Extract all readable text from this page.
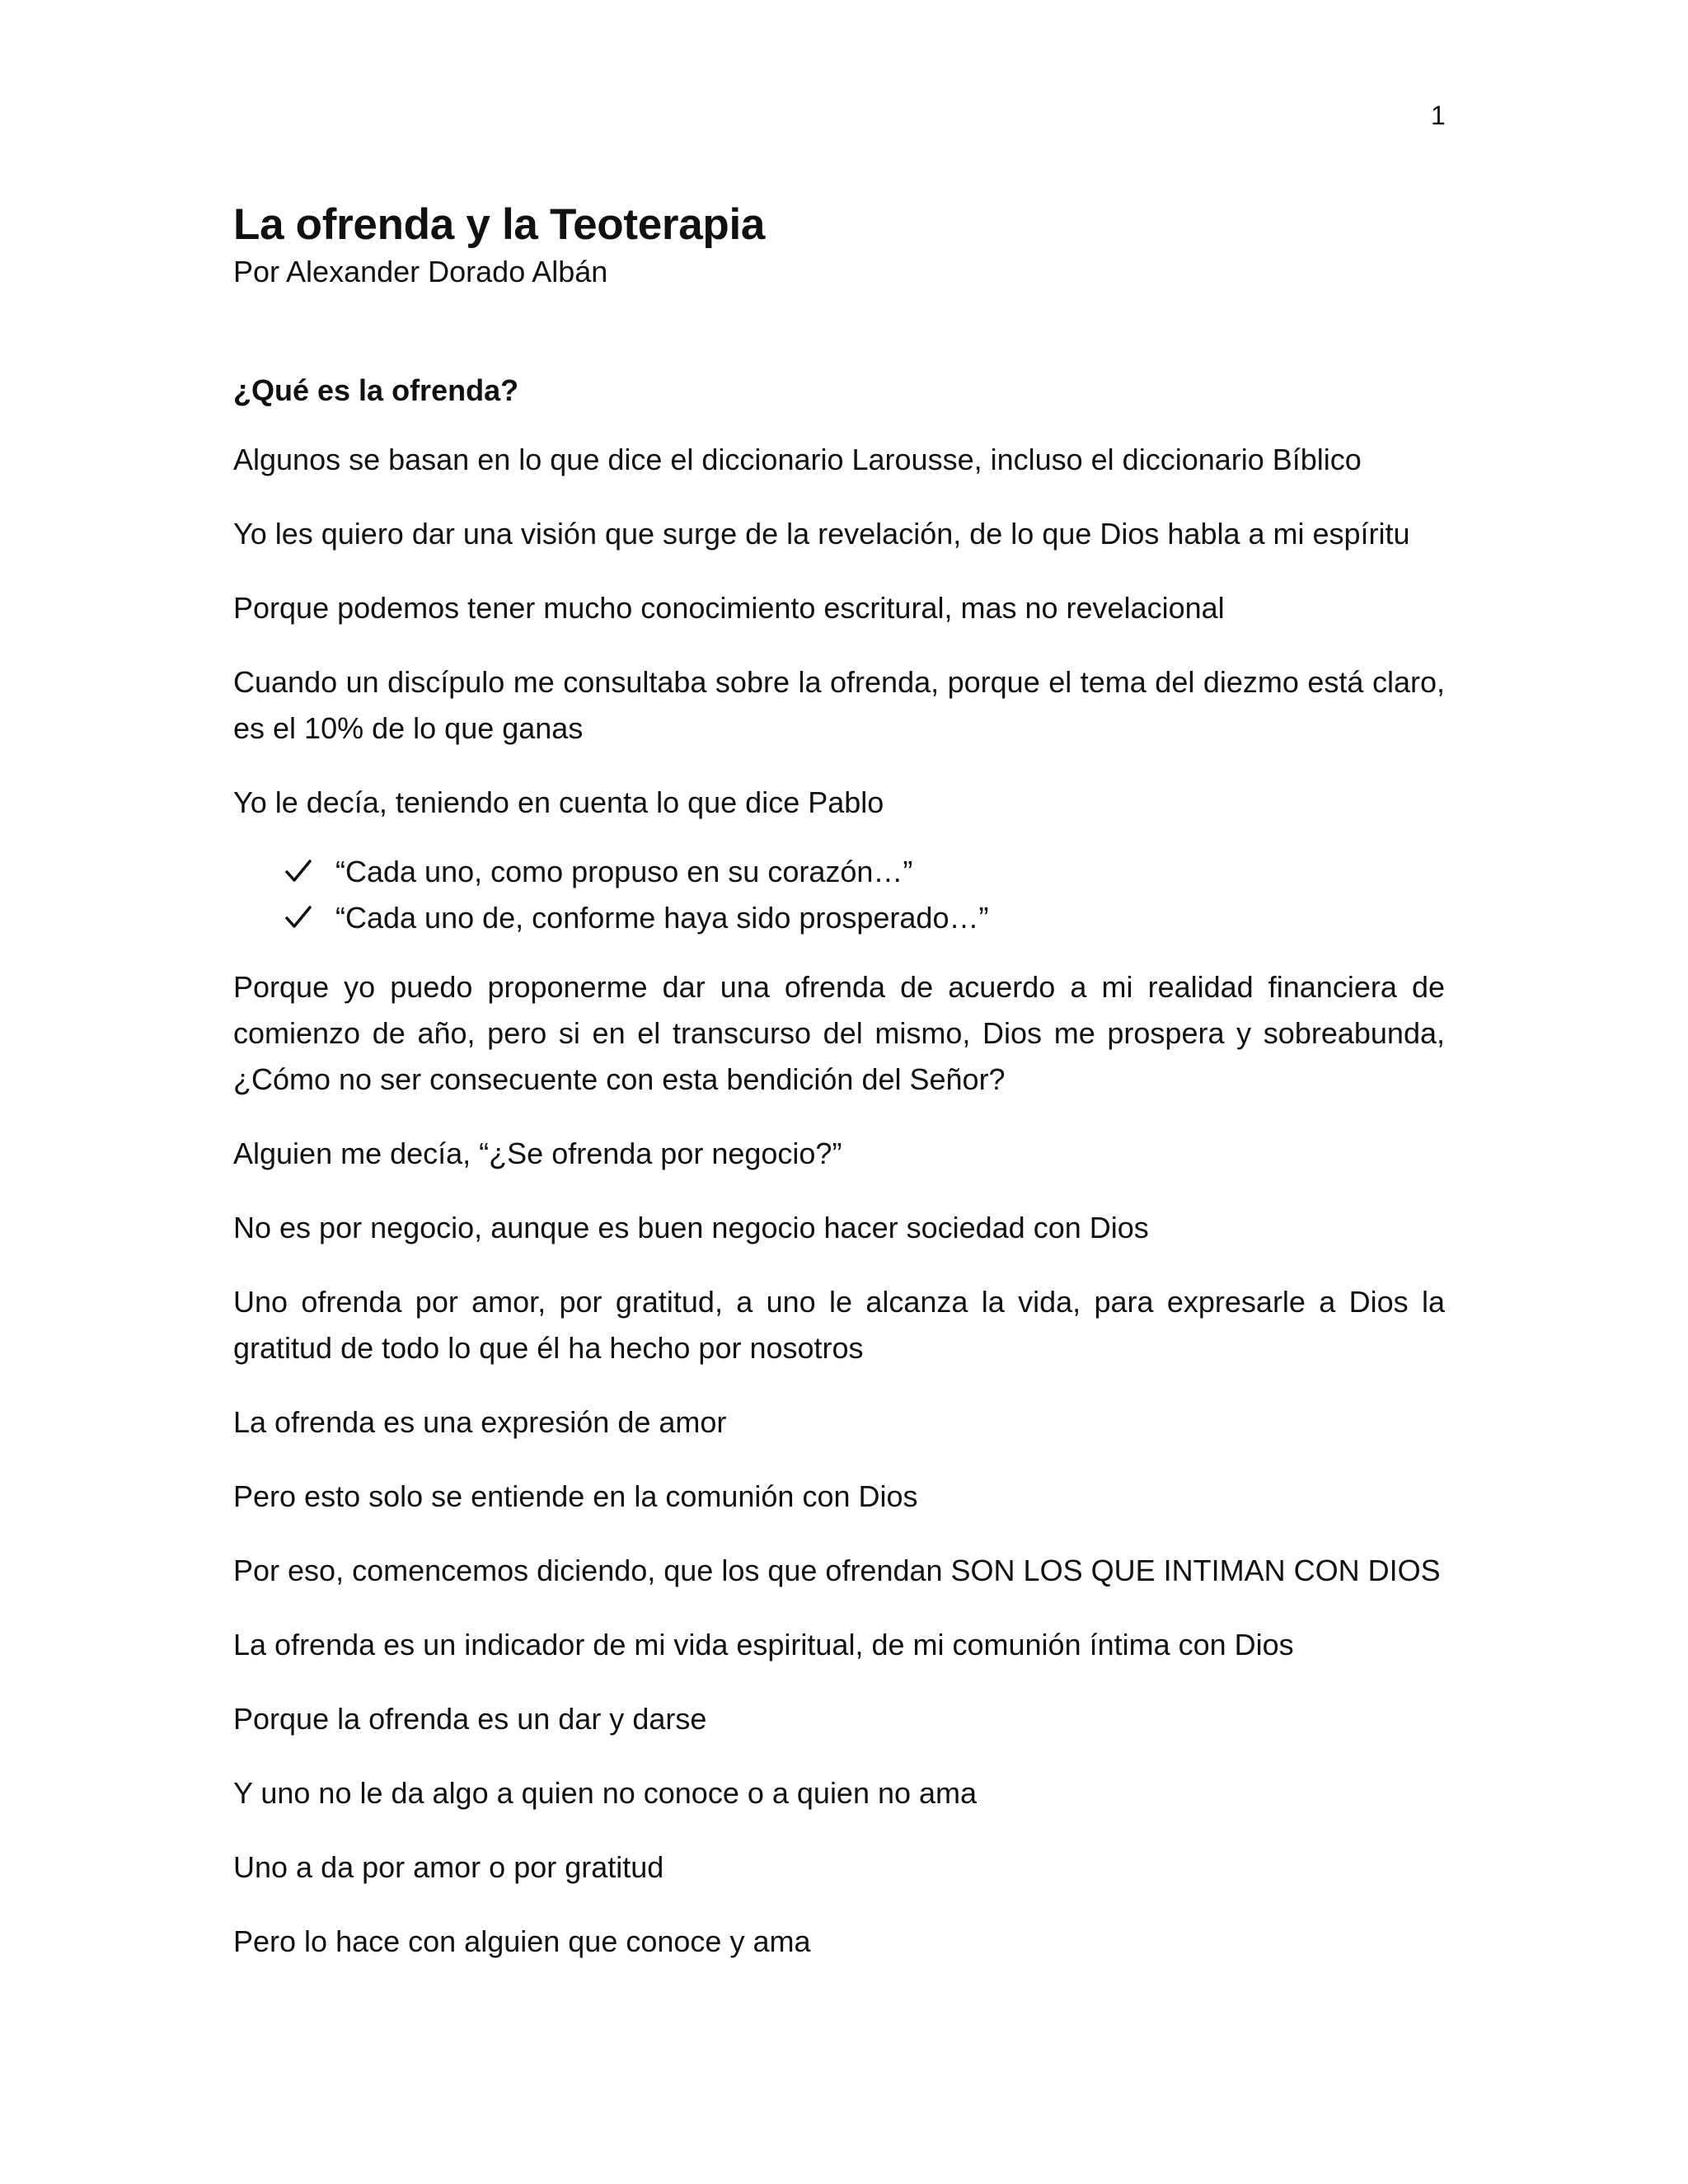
1
La ofrenda y la Teoterapia

Por Alexander Dorado Albán

¿Qué es la ofrenda?

Algunos se basan en lo que dice el diccionario Larousse, incluso el diccionario Bíblico

Yo les quiero dar una visión que surge de la revelación, de lo que Dios habla a mi espíritu

Porque podemos tener mucho conocimiento escritural, mas no revelacional

Cuando un discípulo me consultaba sobre la ofrenda, porque el tema del diezmo está claro, es el 10% de lo que ganas

Yo le decía, teniendo en cuenta lo que dice Pablo

“Cada uno, como propuso en su corazón…”
“Cada uno de, conforme haya sido prosperado…”

Porque yo puedo proponerme dar una ofrenda de acuerdo a mi realidad financiera de comienzo de año, pero si en el transcurso del mismo, Dios me prospera y sobreabunda, ¿Cómo no ser consecuente con esta bendición del Señor?

Alguien me decía, “¿Se ofrenda por negocio?”

No es por negocio, aunque es buen negocio hacer sociedad con Dios

Uno ofrenda por amor, por gratitud, a uno le alcanza la vida, para expresarle a Dios la gratitud de todo lo que él ha hecho por nosotros

La ofrenda es una expresión de amor

Pero esto solo se entiende en la comunión con Dios

Por eso, comencemos diciendo, que los que ofrendan SON LOS QUE INTIMAN CON DIOS

La ofrenda es un indicador de mi vida espiritual, de mi comunión íntima con Dios

Porque la ofrenda es un dar y darse

Y uno no le da algo a quien no conoce o a quien no ama

Uno a da por amor o por gratitud

Pero lo hace con alguien que conoce y ama
